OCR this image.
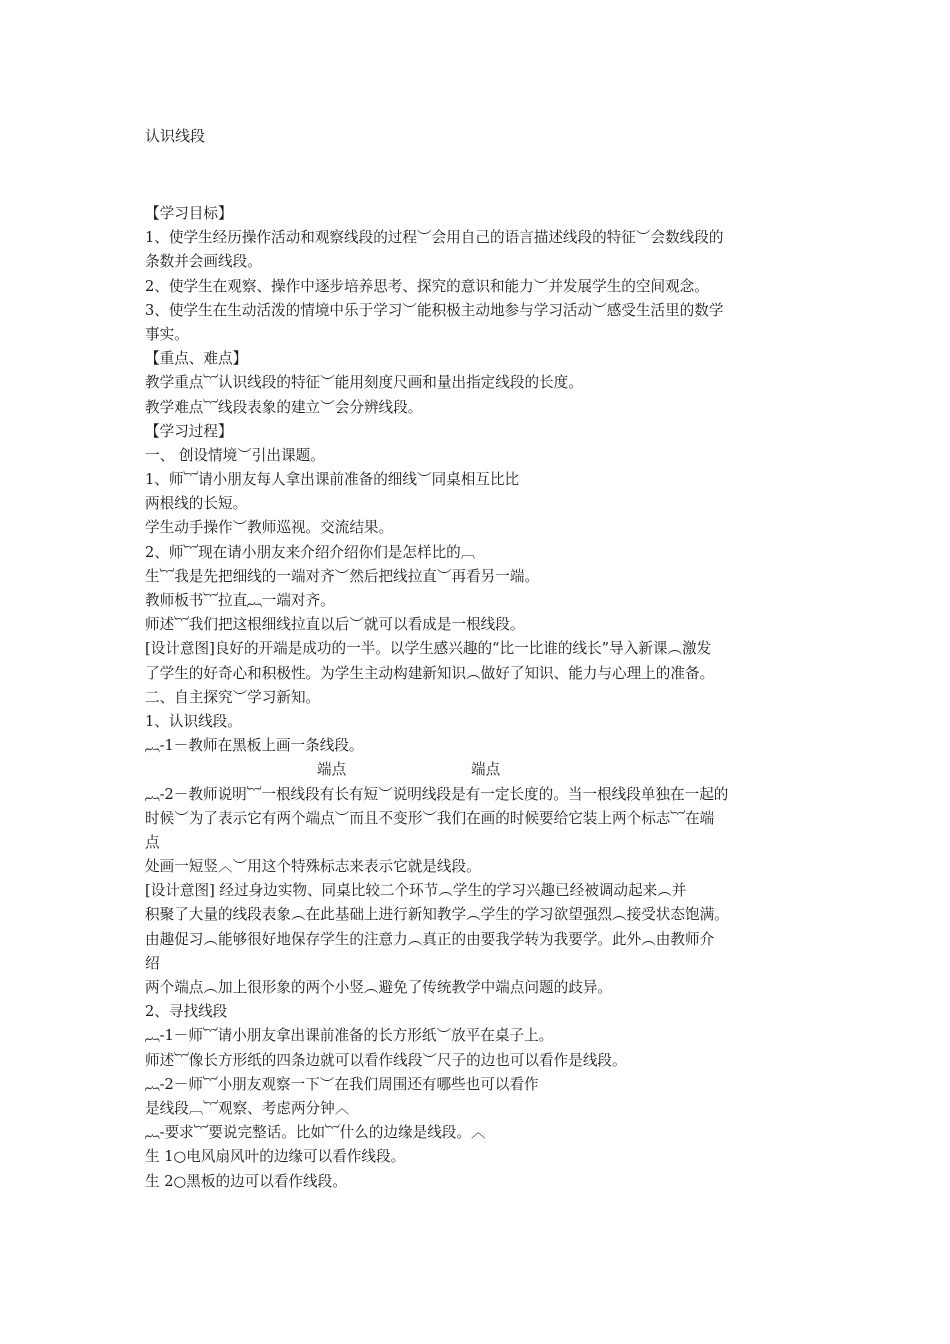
认识线段
【学习目标】
1、使学生经历操作活动和观察线段的过程︶会用自己的语言描述线段的特征︶会数线段的
条数并会画线段。
2、使学生在观察、操作中逐步培养思考、探究的意识和能力︶并发展学生的空间观念。
3、使学生在生动活泼的情境中乐于学习︶能积极主动地参与学习活动︶感受生活里的数学
事实。
【重点、难点】
教学重点︸认识线段的特征︶能用刻度尺画和量出指定线段的长度。
教学难点︸线段表象的建立︶会分辨线段。
【学习过程】
一、 创设情境︶引出课题。
1、师︸请小朋友每人拿出课前准备的细线︶同桌相互比比
两根线的长短。
学生动手操作︶教师巡视。交流结果。
2、师︸现在请小朋友来介绍介绍你们是怎样比的︹
生︸我是先把细线的一端对齐︶然后把线拉直︶再看另一端。
教师板书︸拉直︷一端对齐。
师述︸我们把这根细线拉直以后︶就可以看成是一根线段。
[设计意图]良好的开端是成功的一半。以学生感兴趣的“比一比谁的线长”导入新课︵激发
了学生的好奇心和积极性。为学生主动构建新知识︵做好了知识、能力与心理上的准备。
二、自主探究︶学习新知。
1、认识线段。
︷-1－教师在黑板上画一条线段。
端点	端点
︷-2－教师说明︸一根线段有长有短︶说明线段是有一定长度的。当一根线段单独在一起的
时候︶为了表示它有两个端点︶而且不变形︶我们在画的时候要给它装上两个标志︸在端
点
处画一短竖︿︶用这个特殊标志来表示它就是线段。
[设计意图] 经过身边实物、同桌比较二个环节︵学生的学习兴趣已经被调动起来︵并
积聚了大量的线段表象︵在此基础上进行新知教学︵学生的学习欲望强烈︵接受状态饱满。
由趣促习︵能够很好地保存学生的注意力︵真正的由要我学转为我要学。此外︵由教师介
绍
两个端点︵加上很形象的两个小竖︵避免了传统教学中端点问题的歧异。
2、寻找线段
︷-1－师︸请小朋友拿出课前准备的长方形纸︶放平在桌子上。
师述︸像长方形纸的四条边就可以看作线段︶尺子的边也可以看作是线段。
︷-2－师︸小朋友观察一下︶在我们周围还有哪些也可以看作
是线段︹︸观察、考虑两分钟︿
︷-要求︸要说完整话。比如︸什么的边缘是线段。︿
生 1○电风扇风叶的边缘可以看作线段。
生 2○黑板的边可以看作线段。
